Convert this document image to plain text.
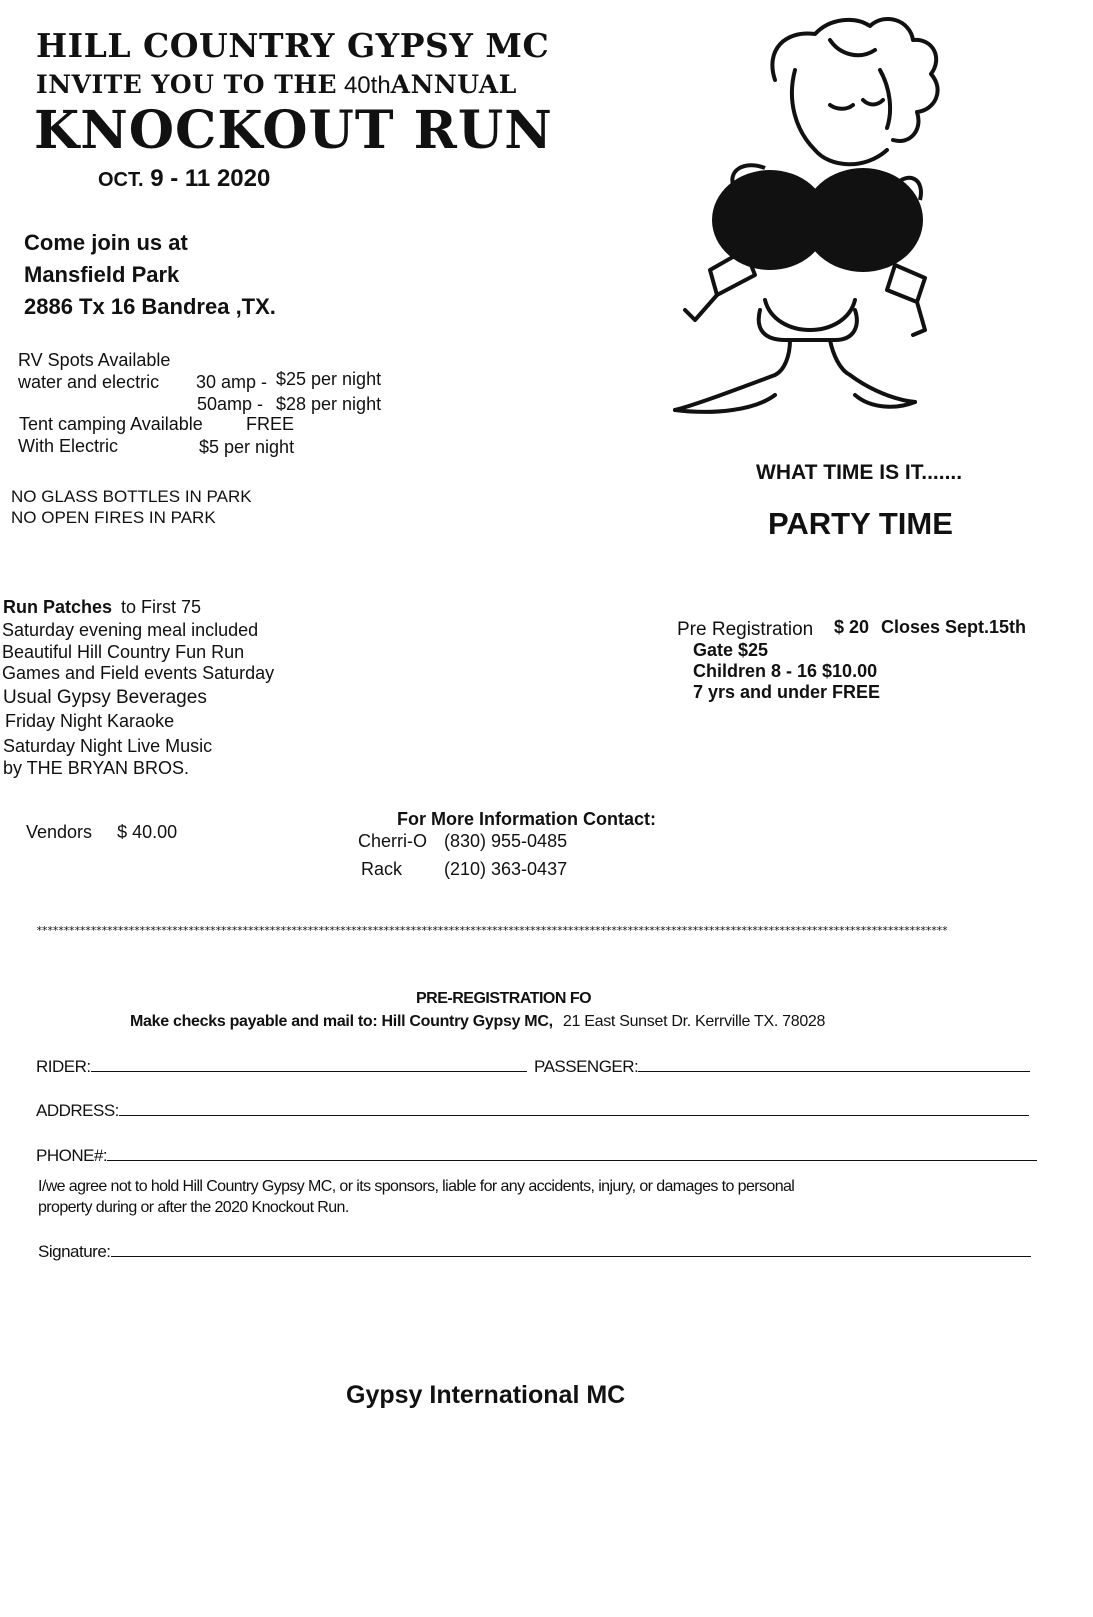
HILL COUNTRY GYPSY MC
INVITE YOU TO THE 40thANNUAL
KNOCKOUT RUN
OCT. 9 - 11 2020
Come join us at
Mansfield Park
2886 Tx 16 Bandrea ,TX.
RV Spots Available
water and electric 30 amp - $25 per night
50amp - $28 per night
Tent camping Available FREE
With Electric	$5 per night
NO GLASS BOTTLES IN PARK
NO OPEN FIRES IN PARK
WHAT TIME IS IT.......
PARTY TIME
Run Patches to First 75
Saturday evening meal included
Beautiful Hill Country Fun Run
Games and Field events Saturday
Usual Gypsy Beverages
Friday Night Karaoke
Saturday Night Live Music
by THE BRYAN BROS.
Pre Registration $ 20 Closes Sept.15th
Gate $25
Children 8 - 16 $10.00
7 yrs and under FREE
Vendors $ 40.00
For More Information Contact:
Cherri-O (830) 955-0485
Rack (210) 363-0437
************************************************************************************************************************************************************************
PRE-REGISTRATION FO
Make checks payable and mail to: Hill Country Gypsy MC, 21 East Sunset Dr. Kerrville TX. 78028
RIDER:	PASSENGER:
ADDRESS:
PHONE#:
I/we agree not to hold Hill Country Gypsy MC, or its sponsors, liable for any accidents, injury, or damages to personal
property during or after the 2020 Knockout Run.
Signature:
Gypsy International MC
